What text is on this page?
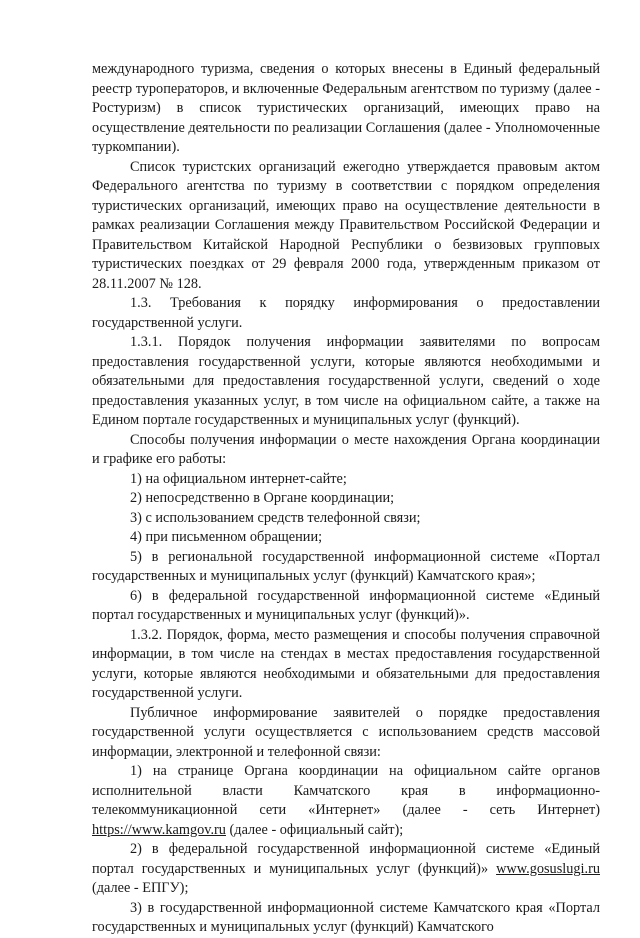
международного туризма, сведения о которых внесены в Единый федеральный реестр туроператоров, и включенные Федеральным агентством по туризму (далее - Ростуризм) в список туристических организаций, имеющих право на осуществление деятельности по реализации Соглашения (далее - Уполномоченные туркомпании).

Список туристских организаций ежегодно утверждается правовым актом Федерального агентства по туризму в соответствии с порядком определения туристических организаций, имеющих право на осуществление деятельности в рамках реализации Соглашения между Правительством Российской Федерации и Правительством Китайской Народной Республики о безвизовых групповых туристических поездках от 29 февраля 2000 года, утвержденным приказом от 28.11.2007 № 128.

1.3. Требования к порядку информирования о предоставлении государственной услуги.

1.3.1. Порядок получения информации заявителями по вопросам предоставления государственной услуги, которые являются необходимыми и обязательными для предоставления государственной услуги, сведений о ходе предоставления указанных услуг, в том числе на официальном сайте, а также на Едином портале государственных и муниципальных услуг (функций).

Способы получения информации о месте нахождения Органа координации и графике его работы:

1) на официальном интернет-сайте;

2) непосредственно в Органе координации;

3) с использованием средств телефонной связи;

4) при письменном обращении;

5) в региональной государственной информационной системе «Портал государственных и муниципальных услуг (функций) Камчатского края»;

6) в федеральной государственной информационной системе «Единый портал государственных и муниципальных услуг (функций)».

1.3.2. Порядок, форма, место размещения и способы получения справочной информации, в том числе на стендах в местах предоставления государственной услуги, которые являются необходимыми и обязательными для предоставления государственной услуги.

Публичное информирование заявителей о порядке предоставления государственной услуги осуществляется с использованием средств массовой информации, электронной и телефонной связи:

1) на странице Органа координации на официальном сайте органов исполнительной власти Камчатского края в информационно-телекоммуникационной сети «Интернет» (далее - сеть Интернет) https://www.kamgov.ru (далее - официальный сайт);

2) в федеральной государственной информационной системе «Единый портал государственных и муниципальных услуг (функций)» www.gosuslugi.ru (далее - ЕПГУ);

3) в государственной информационной системе Камчатского края «Портал государственных и муниципальных услуг (функций) Камчатского
